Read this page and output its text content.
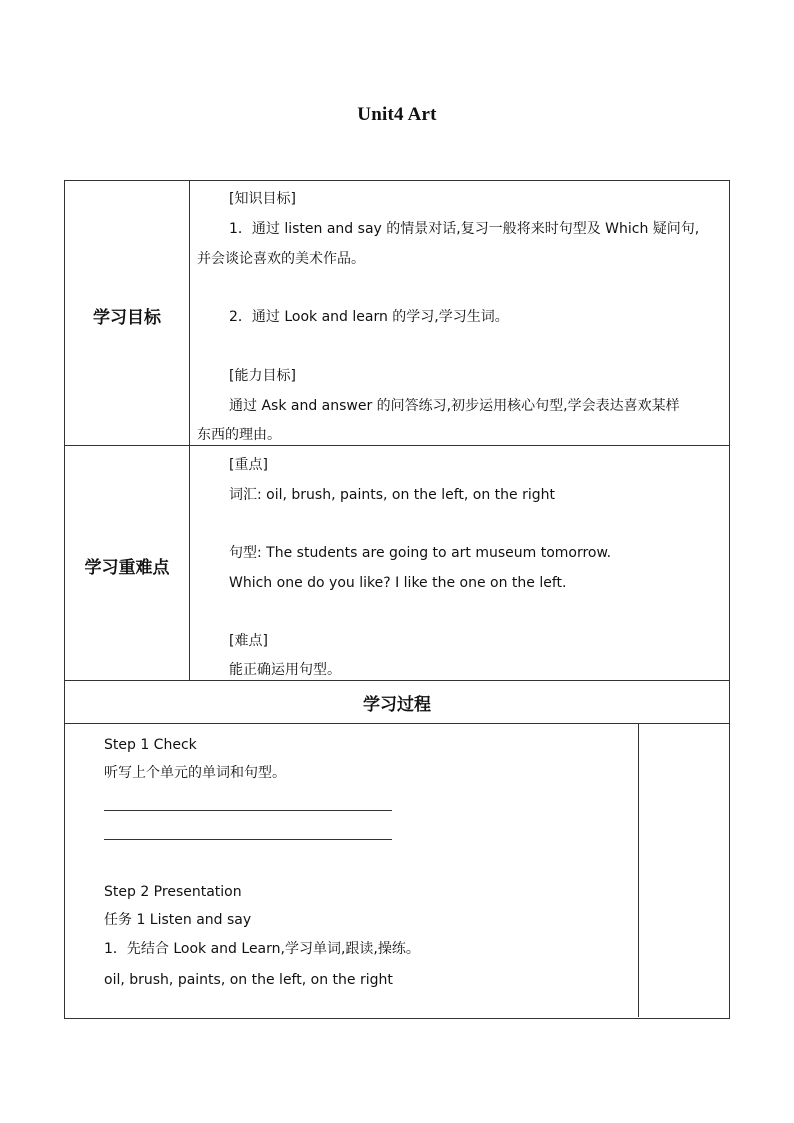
Unit4 Art
学习目标
[知识目标]
1．通过 listen and say 的情景对话,复习一般将来时句型及 Which 疑问句,
并会谈论喜欢的美术作品。
2．通过 Look and learn 的学习,学习生词。
[能力目标]
通过 Ask and answer 的问答练习,初步运用核心句型,学会表达喜欢某样
东西的理由。
学习重难点
[重点]
词汇: oil, brush, paints, on the left, on the right
句型: The students are going to art museum tomorrow.
Which one do you like? I like the one on the left.
[难点]
能正确运用句型。
学习过程
Step 1 Check
听写上个单元的单词和句型。
Step 2 Presentation
任务 1 Listen and say
1．先结合 Look and Learn,学习单词,跟读,操练。
oil, brush, paints, on the left, on the right
